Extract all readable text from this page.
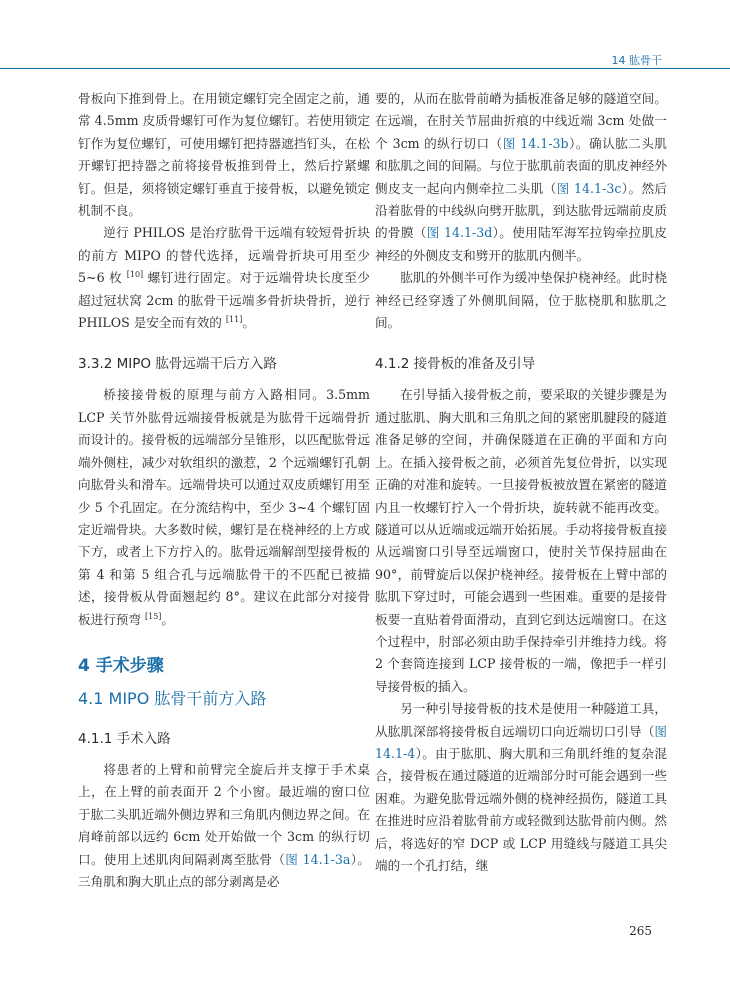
14 肱骨干

骨板向下推到骨上。在用锁定螺钉完全固定之前，通常 4.5mm 皮质骨螺钉可作为复位螺钉。若使用锁定钉作为复位螺钉，可使用螺钉把持器遮挡钉头，在松开螺钉把持器之前将接骨板推到骨上，然后拧紧螺钉。但是，须将锁定螺钉垂直于接骨板，以避免锁定机制不良。

逆行 PHILOS 是治疗肱骨干远端有较短骨折块的前方 MIPO 的替代选择，远端骨折块可用至少 5~6 枚 [10] 螺钉进行固定。对于远端骨块长度至少超过冠状窝 2cm 的肱骨干远端多骨折块骨折，逆行 PHILOS 是安全而有效的 [11]。

3.3.2 MIPO 肱骨远端干后方入路

桥接接骨板的原理与前方入路相同。3.5mm LCP 关节外肱骨远端接骨板就是为肱骨干远端骨折而设计的。接骨板的远端部分呈锥形，以匹配肱骨远端外侧柱，减少对软组织的激惹，2 个远端螺钉孔朝向肱骨头和滑车。远端骨块可以通过双皮质螺钉用至少 5 个孔固定。在分流结构中，至少 3~4 个螺钉固定近端骨块。大多数时候，螺钉是在桡神经的上方或下方，或者上下方拧入的。肱骨远端解剖型接骨板的第 4 和第 5 组合孔与远端肱骨干的不匹配已被描述，接骨板从骨面翘起约 8°。建议在此部分对接骨板进行预弯 [15]。

4 手术步骤
4.1 MIPO 肱骨干前方入路
4.1.1 手术入路

将患者的上臂和前臂完全旋后并支撑于手术桌上，在上臂的前表面开 2 个小窗。最近端的窗口位于肱二头肌近端外侧边界和三角肌内侧边界之间。在肩峰前部以远约 6cm 处开始做一个 3cm 的纵行切口。使用上述肌肉间隔剥离至肱骨（图 14.1-3a）。三角肌和胸大肌止点的部分剥离是必

要的，从而在肱骨前嵴为插板准备足够的隧道空间。在远端，在肘关节屈曲折痕的中线近端 3cm 处做一个 3cm 的纵行切口（图 14.1-3b）。确认肱二头肌和肱肌之间的间隔。与位于肱肌前表面的肌皮神经外侧皮支一起向内侧牵拉二头肌（图 14.1-3c）。然后沿着肱骨的中线纵向劈开肱肌，到达肱骨远端前皮质的骨膜（图 14.1-3d）。使用陆军海军拉钩牵拉肌皮神经的外侧皮支和劈开的肱肌内侧半。

肱肌的外侧半可作为缓冲垫保护桡神经。此时桡神经已经穿透了外侧肌间隔，位于肱桡肌和肱肌之间。

4.1.2 接骨板的准备及引导

在引导插入接骨板之前，要采取的关键步骤是为通过肱肌、胸大肌和三角肌之间的紧密肌腱段的隧道准备足够的空间，并确保隧道在正确的平面和方向上。在插入接骨板之前，必须首先复位骨折，以实现正确的对准和旋转。一旦接骨板被放置在紧密的隧道内且一枚螺钉拧入一个骨折块，旋转就不能再改变。隧道可以从近端或远端开始拓展。手动将接骨板直接从远端窗口引导至远端窗口，使肘关节保持屈曲在 90°，前臂旋后以保护桡神经。接骨板在上臂中部的肱肌下穿过时，可能会遇到一些困难。重要的是接骨板要一直贴着骨面滑动，直到它到达远端窗口。在这个过程中，肘部必须由助手保持牵引并维持力线。将 2 个套筒连接到 LCP 接骨板的一端，像把手一样引导接骨板的插入。

另一种引导接骨板的技术是使用一种隧道工具，从肱肌深部将接骨板自远端切口向近端切口引导（图 14.1-4）。由于肱肌、胸大肌和三角肌纤维的复杂混合，接骨板在通过隧道的近端部分时可能会遇到一些困难。为避免肱骨远端外侧的桡神经损伤，隧道工具在推进时应沿着肱骨前方或轻微到达肱骨前内侧。然后，将选好的窄 DCP 或 LCP 用缝线与隧道工具尖端的一个孔打结，继

265
